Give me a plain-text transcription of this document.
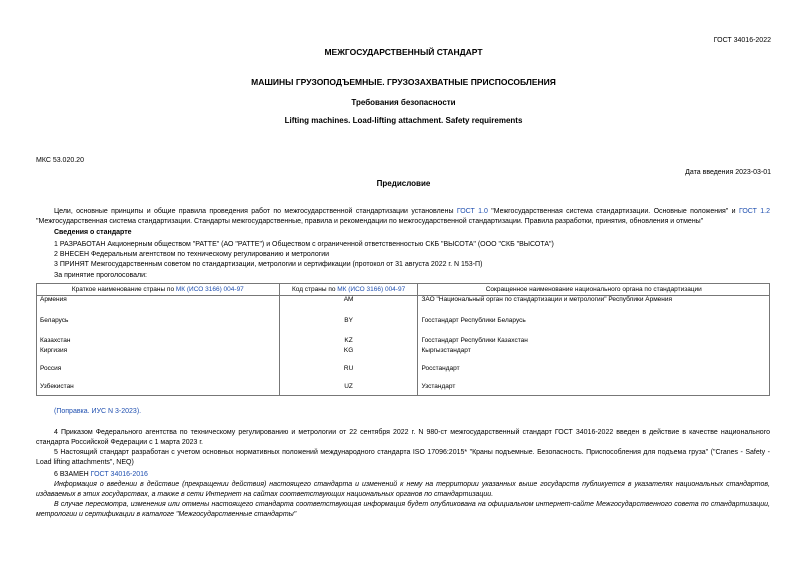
ГОСТ 34016-2022
МЕЖГОСУДАРСТВЕННЫЙ СТАНДАРТ
МАШИНЫ ГРУЗОПОДЪЕМНЫЕ. ГРУЗОЗАХВАТНЫЕ ПРИСПОСОБЛЕНИЯ
Требования безопасности
Lifting machines. Load-lifting attachment. Safety requirements
МКС 53.020.20
Дата введения 2023-03-01
Предисловие
Цели, основные принципы и общие правила проведения работ по межгосударственной стандартизации установлены ГОСТ 1.0 "Межгосударственная система стандартизации. Основные положения" и ГОСТ 1.2 "Межгосударственная система стандартизации. Стандарты межгосударственные, правила и рекомендации по межгосударственной стандартизации. Правила разработки, принятия, обновления и отмены"
Сведения о стандарте
1 РАЗРАБОТАН Акционерным обществом "РАТТЕ" (АО "РАТТЕ") и Обществом с ограниченной ответственностью СКБ "ВЫСОТА" (ООО "СКБ "ВЫСОТА")
2 ВНЕСЕН Федеральным агентством по техническому регулированию и метрологии
3 ПРИНЯТ Межгосударственным советом по стандартизации, метрологии и сертификации (протокол от 31 августа 2022 г. N 153-П)
За принятие проголосовали:
Краткое наименование страны по МК (ИСО 3166) 004-97	Код страны по МК (ИСО 3166) 004-97	Сокращенное наименование национального органа по стандартизации
Армения	AM	ЗАО "Национальный орган по стандартизации и метрологии" Республики Армения
Беларусь	BY	Госстандарт Республики Беларусь
Казахстан	KZ	Госстандарт Республики Казахстан
Киргизия	KG	Кыргызстандарт
Россия	RU	Росстандарт
Узбекистан	UZ	Узстандарт
(Поправка. ИУС N 3-2023).
4 Приказом Федерального агентства по техническому регулированию и метрологии от 22 сентября 2022 г. N 980-ст межгосударственный стандарт ГОСТ 34016-2022 введен в действие в качестве национального стандарта Российской Федерации с 1 марта 2023 г.
5 Настоящий стандарт разработан с учетом основных нормативных положений международного стандарта ISO 17096:2015* "Краны подъемные. Безопасность. Приспособления для подъема груза" ("Cranes - Safety - Load lifting attachments", NEQ)
6 ВЗАМЕН ГОСТ 34016-2016
Информация о введении в действие (прекращении действия) настоящего стандарта и изменений к нему на территории указанных выше государств публикуется в указателях национальных стандартов, издаваемых в этих государствах, а также в сети Интернет на сайтах соответствующих национальных органов по стандартизации.
В случае пересмотра, изменения или отмены настоящего стандарта соответствующая информация будет опубликована на официальном интернет-сайте Межгосударственного совета по стандартизации, метрологии и сертификации в каталоге "Межгосударственные стандарты"
